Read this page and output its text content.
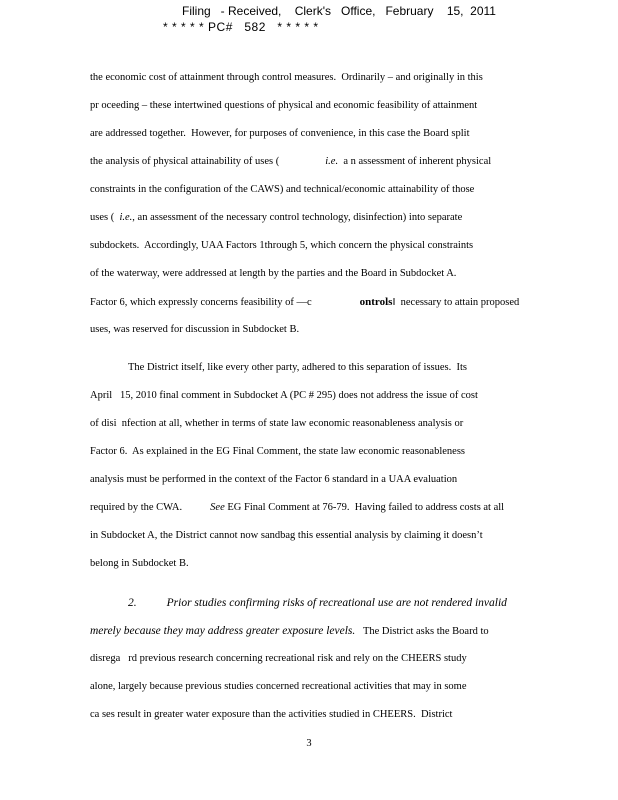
Filing   - Received,    Clerk's   Office,   February    15,  2011
* * * * * PC#   582   * * * * *
the economic cost of attainment through control measures.  Ordinarily – and originally in this
pr oceeding – these intertwined questions of physical and economic feasibility of attainment
are addressed together.  However, for purposes of convenience, in this case the Board split
the analysis of physical attainability of uses (	i.e.  a n assessment of inherent physical
constraints in the configuration of the CAWS) and technical/economic attainability of those
uses (  i.e., an assessment of the necessary control technology, disinfection) into separate
subdockets.  Accordingly, UAA Factors 1through 5, which concern the physical constraints
of the waterway, were addressed at length by the parties and the Board in Subdocket A.
Factor 6, which expressly concerns feasibility of —c	ontrols‖  necessary to attain proposed
uses, was reserved for discussion in Subdocket B.
The District itself, like every other party, adhered to this separation of issues.  Its
April   15, 2010 final comment in Subdocket A (PC # 295) does not address the issue of cost
of disi  nfection at all, whether in terms of state law economic reasonableness analysis or
Factor 6.  As explained in the EG Final Comment, the state law economic reasonableness
analysis must be performed in the context of the Factor 6 standard in a UAA evaluation
required by the CWA.	See EG Final Comment at 76-79.  Having failed to address costs at all
in Subdocket A, the District cannot now sandbag this essential analysis by claiming it doesn’t
belong in Subdocket B.
2.	Prior studies confirming risks of recreational use are not rendered invalid
merely because they may address greater exposure levels.   The District asks the Board to
disrega   rd previous research concerning recreational risk and rely on the CHEERS study
alone, largely because previous studies concerned recreational activities that may in some
ca ses result in greater water exposure than the activities studied in CHEERS.  District
3
